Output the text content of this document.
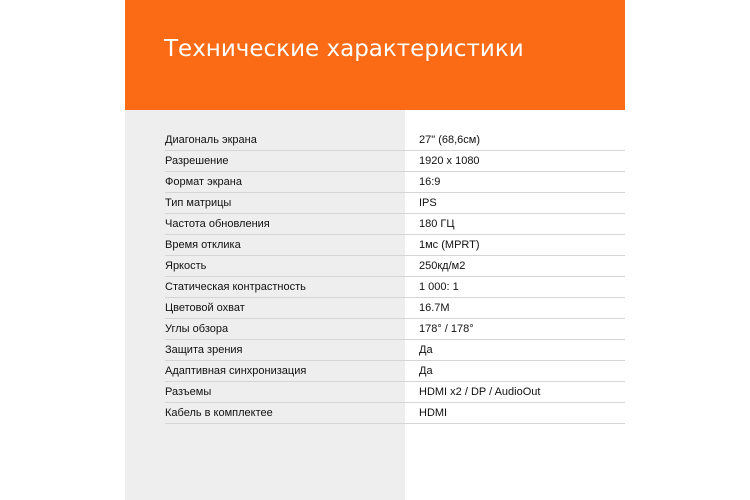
Технические характеристики
Диагональ экрана	27" (68,6см)
Разрешение	1920 x 1080
Формат экрана	16:9
Тип матрицы	IPS
Частота обновления	180 ГЦ
Время отклика	1мс (MPRT)
Яркость	250кд/м2
Статическая контрастность	1 000: 1
Цветовой охват	16.7M
Углы обзора	178° / 178°
Защита зрения	Да
Адаптивная синхронизация	Да
Разъемы	HDMI x2 / DP / AudioOut
Кабель в комплектее	HDMI
